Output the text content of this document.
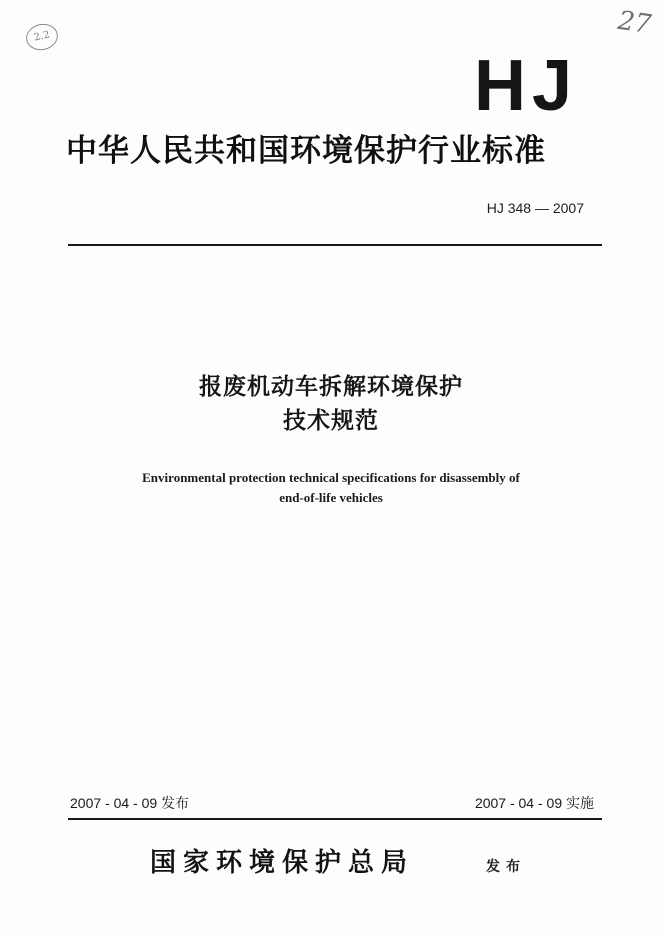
2.2	27
HJ
中华人民共和国环境保护行业标准
HJ 348 — 2007
报废机动车拆解环境保护
技术规范
Environmental protection technical specifications for disassembly of
end-of-life vehicles
2007 - 04 - 09 发布	2007 - 04 - 09 实施
国家环境保护总局	发布
